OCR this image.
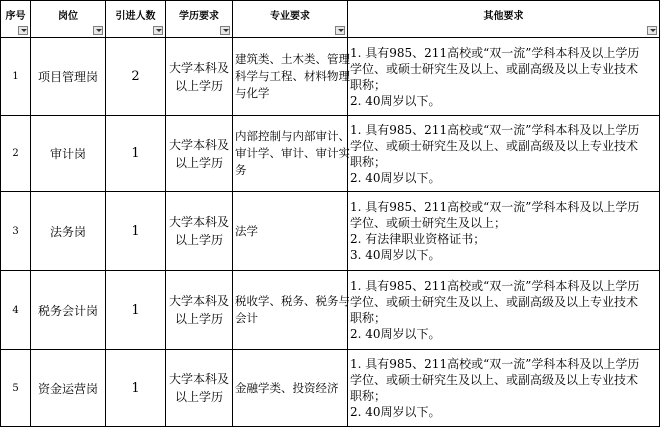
序号	岗位	引进人数	学历要求	专业要求	其他要求

1	项目管理岗	2	大学本科及
以上学历	建筑类、土木类、管理
科学与工程、材料物理
与化学	1. 具有985、211高校或“双一流”学科本科及以上学历
学位、或硕士研究生及以上、或副高级及以上专业技术
职称；
2. 40周岁以下。

2	审计岗	1	大学本科及
以上学历	内部控制与内部审计、
审计学、审计、审计实
务	1. 具有985、211高校或“双一流”学科本科及以上学历
学位、或硕士研究生及以上、或副高级及以上专业技术
职称；
2. 40周岁以下。

3	法务岗	1	大学本科及
以上学历	法学	1. 具有985、211高校或“双一流”学科本科及以上学历
学位、或硕士研究生及以上；
2. 有法律职业资格证书；
3. 40周岁以下。

4	税务会计岗	1	大学本科及
以上学历	税收学、税务、税务与
会计	1. 具有985、211高校或“双一流”学科本科及以上学历
学位、或硕士研究生及以上、或副高级及以上专业技术
职称；
2. 40周岁以下。

5	资金运营岗	1	大学本科及
以上学历	金融学类、投资经济	1. 具有985、211高校或“双一流”学科本科及以上学历
学位、或硕士研究生及以上、或副高级及以上专业技术
职称；
2. 40周岁以下。
